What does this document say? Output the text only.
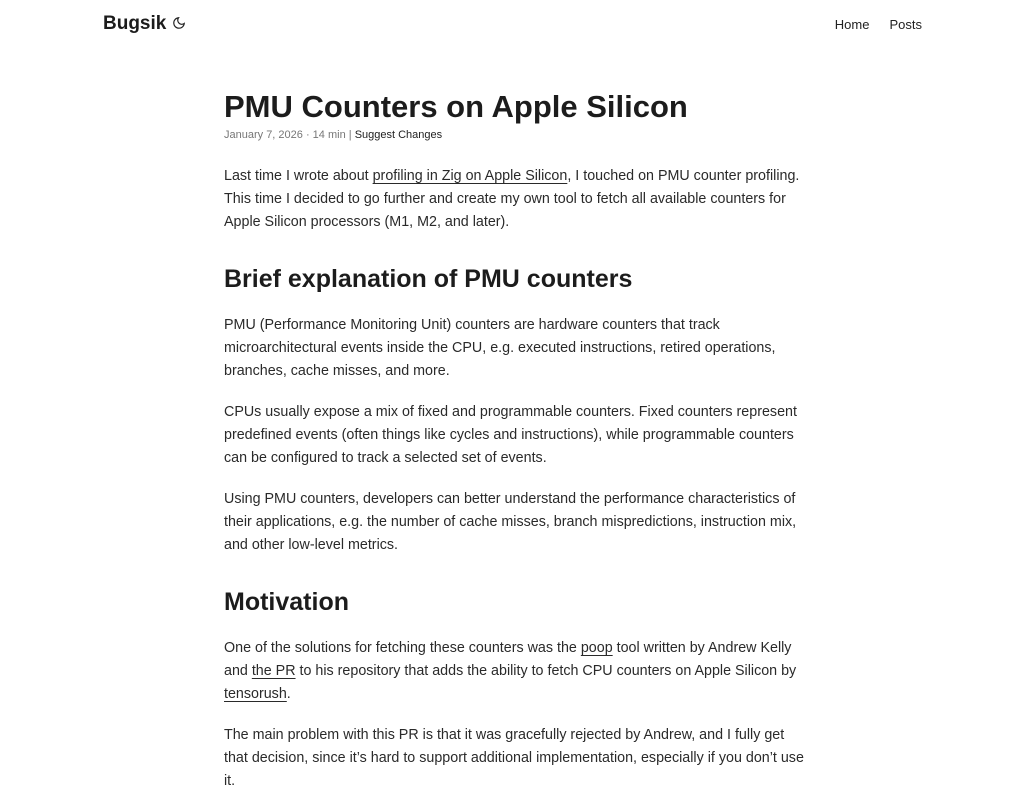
Bugsik	Home Posts
PMU Counters on Apple Silicon
January 7, 2026 · 14 min | Suggest Changes

Last time I wrote about profiling in Zig on Apple Silicon, I touched on PMU counter profiling. This time I decided to go further and create my own tool to fetch all available counters for Apple Silicon processors (M1, M2, and later).

Brief explanation of PMU counters

PMU (Performance Monitoring Unit) counters are hardware counters that track microarchitectural events inside the CPU, e.g. executed instructions, retired operations, branches, cache misses, and more.

CPUs usually expose a mix of fixed and programmable counters. Fixed counters represent predefined events (often things like cycles and instructions), while programmable counters can be configured to track a selected set of events.

Using PMU counters, developers can better understand the performance characteristics of their applications, e.g. the number of cache misses, branch mispredictions, instruction mix, and other low-level metrics.

Motivation

One of the solutions for fetching these counters was the poop tool written by Andrew Kelly and the PR to his repository that adds the ability to fetch CPU counters on Apple Silicon by tensorush.

The main problem with this PR is that it was gracefully rejected by Andrew, and I fully get that decision, since it’s hard to support additional implementation, especially if you don’t use it.
